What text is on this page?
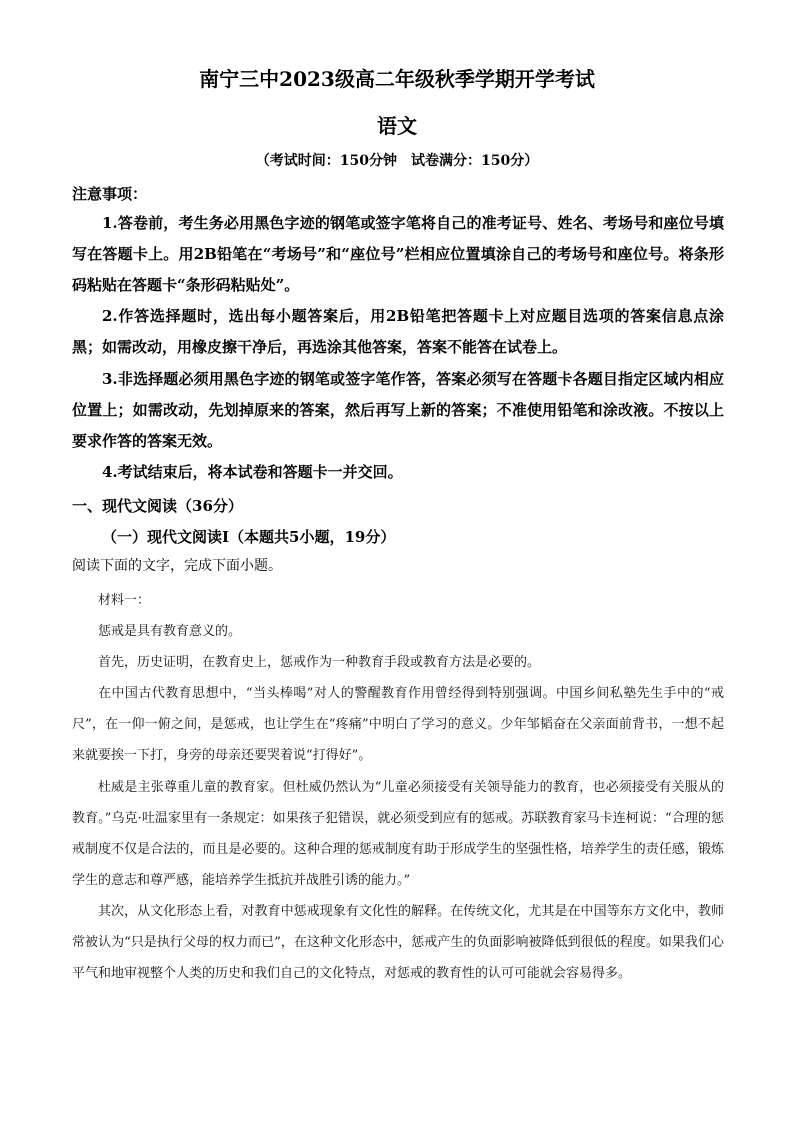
南宁三中2023级高二年级秋季学期开学考试
语文
（考试时间：150分钟　试卷满分：150分）
注意事项：
1.答卷前，考生务必用黑色字迹的钢笔或签字笔将自己的准考证号、姓名、考场号和座位号填写在答题卡上。用2B铅笔在“考场号”和“座位号”栏相应位置填涂自己的考场号和座位号。将条形码粘贴在答题卡“条形码粘贴处”。
2.作答选择题时，选出每小题答案后，用2B铅笔把答题卡上对应题目选项的答案信息点涂黑；如需改动，用橡皮擦干净后，再选涂其他答案，答案不能答在试卷上。
3.非选择题必须用黑色字迹的钢笔或签字笔作答，答案必须写在答题卡各题目指定区域内相应位置上；如需改动，先划掉原来的答案，然后再写上新的答案；不准使用铅笔和涂改液。不按以上要求作答的答案无效。
4.考试结束后，将本试卷和答题卡一并交回。
一、现代文阅读（36分）
（一）现代文阅读Ⅰ（本题共5小题，19分）
阅读下面的文字，完成下面小题。
材料一：
惩戒是具有教育意义的。
首先，历史证明，在教育史上，惩戒作为一种教育手段或教育方法是必要的。
在中国古代教育思想中，“当头棒喝”对人的警醒教育作用曾经得到特别强调。中国乡间私塾先生手中的“戒尺”，在一仰一俯之间，是惩戒，也让学生在“疼痛”中明白了学习的意义。少年邹韬奋在父亲面前背书，一想不起来就要挨一下打，身旁的母亲还要哭着说“打得好”。
杜威是主张尊重儿童的教育家。但杜威仍然认为“儿童必须接受有关领导能力的教育，也必须接受有关服从的教育。”乌克·吐温家里有一条规定：如果孩子犯错误，就必须受到应有的惩戒。苏联教育家马卡连柯说：“合理的惩戒制度不仅是合法的，而且是必要的。这种合理的惩戒制度有助于形成学生的坚强性格，培养学生的责任感，锻炼学生的意志和尊严感，能培养学生抵抗并战胜引诱的能力。”
其次，从文化形态上看，对教育中惩戒现象有文化性的解释。在传统文化，尤其是在中国等东方文化中，教师常被认为“只是执行父母的权力而已”，在这种文化形态中，惩戒产生的负面影响被降低到很低的程度。如果我们心平气和地审视整个人类的历史和我们自己的文化特点，对惩戒的教育性的认可可能就会容易得多。
